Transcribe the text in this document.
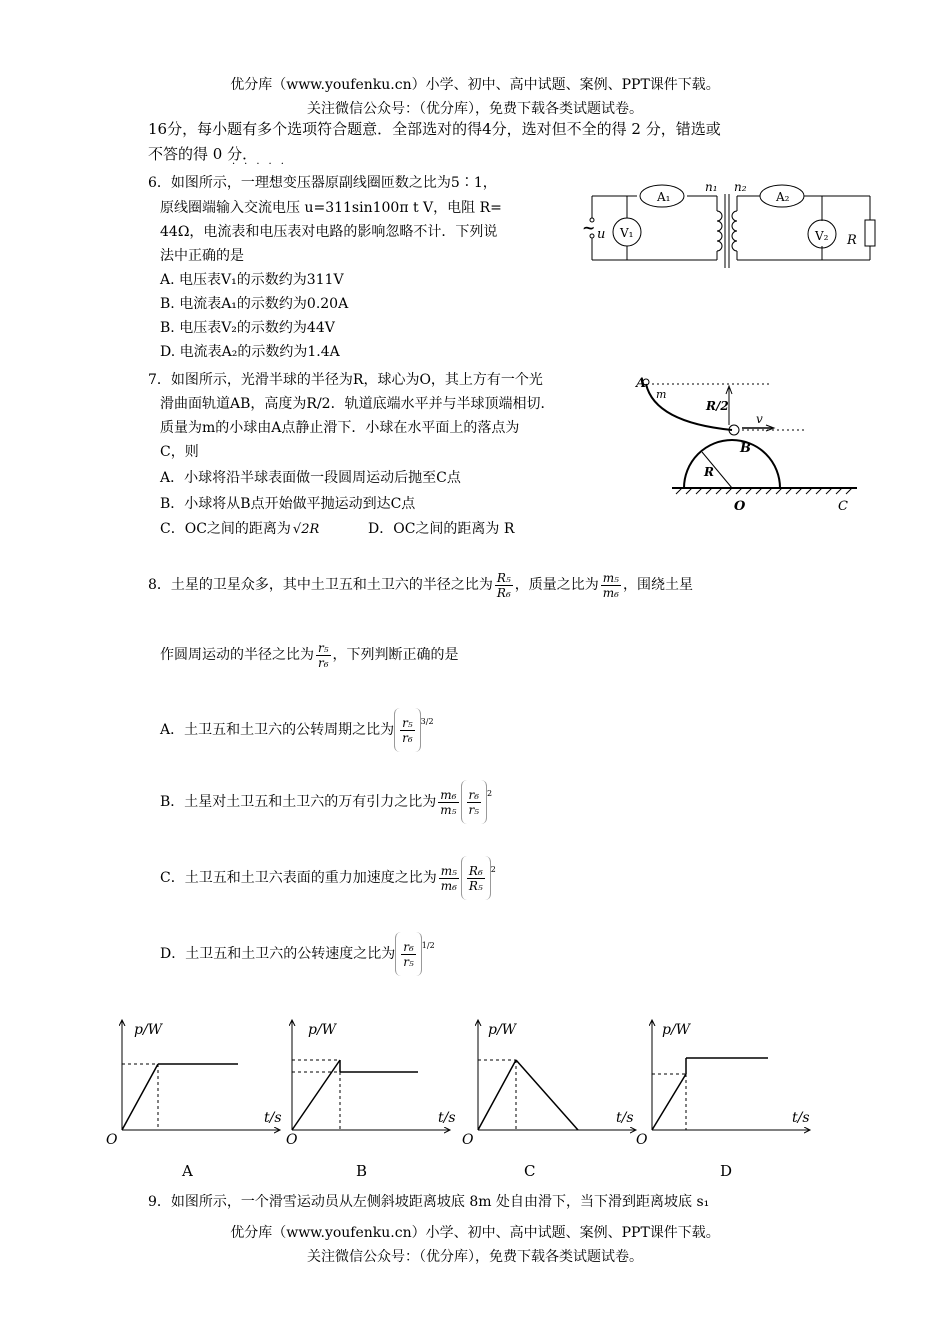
优分库（www.youfenku.cn）小学、初中、高中试题、案例、PPT课件下载。
关注微信公众号：（优分库），免费下载各类试题试卷。
16分，每小题有多个选项符合题意．全部选对的得4分，选对但不全的得 2 分，错选或
不答的得 0 分．
·····
6．如图所示，一理想变压器原副线圈匝数之比为5∶1，
原线圈端输入交流电压 u=311sin100π t V，电阻 R=
44Ω，电流表和电压表对电路的影响忽略不计．下列说
法中正确的是
A. 电压表V₁的示数约为311V
B. 电流表A₁的示数约为0.20A
B. 电压表V₂的示数约为44V
D. 电流表A₂的示数约为1.4A
A₁	A₂
V₁	V₂
n₁ n₂
u
~
R
7．如图所示，光滑半球的半径为R，球心为O，其上方有一个光
滑曲面轨道AB，高度为R/2．轨道底端水平并与半球顶端相切．
质量为m的小球由A点静止滑下．小球在水平面上的落点为
C，则
A．小球将沿半球表面做一段圆周运动后抛至C点
B．小球将从B点开始做平抛运动到达C点
C．OC之间的距离为 √2R	D．OC之间的距离为 R
A
m
R/2
v
B
R
O	C
8．土星的卫星众多，其中土卫五和土卫六的半径之比为 $\frac{\text{R₅}}{\text{R₆}}$ ，质量之比为 $\frac{\text{m₅}}{\text{m₆}}$ ，围绕土星
作圆周运动的半径之比为 $\frac{\text{r₅}}{\text{r₆}}$ ，下列判断正确的是
A．土卫五和土卫六的公转周期之比为 $\frac{\text{r₅}}{\text{r₆}} ^{3/2}$
B．土星对土卫五和土卫六的万有引力之比为 $\frac{\text{m₆}}{\text{m₅}} \frac{\text{r₆}}{\text{r₅}} ^2$
C．土卫五和土卫六表面的重力加速度之比为 $\frac{\text{m₅}}{\text{m₆}} \frac{\text{R₆}}{\text{R₅}} ^2$
D．土卫五和土卫六的公转速度之比为 $\frac{\text{r₆}}{\text{r₅}} ^{1/2}$
p/W
t/s
O
p/W
t/s
O
p/W
t/s
O
p/W
t/s
O
A	B	C	D
9．如图所示，一个滑雪运动员从左侧斜坡距离坡底 8m 处自由滑下，当下滑到距离坡底 s₁
优分库（www.youfenku.cn）小学、初中、高中试题、案例、PPT课件下载。
关注微信公众号：（优分库），免费下载各类试题试卷。
